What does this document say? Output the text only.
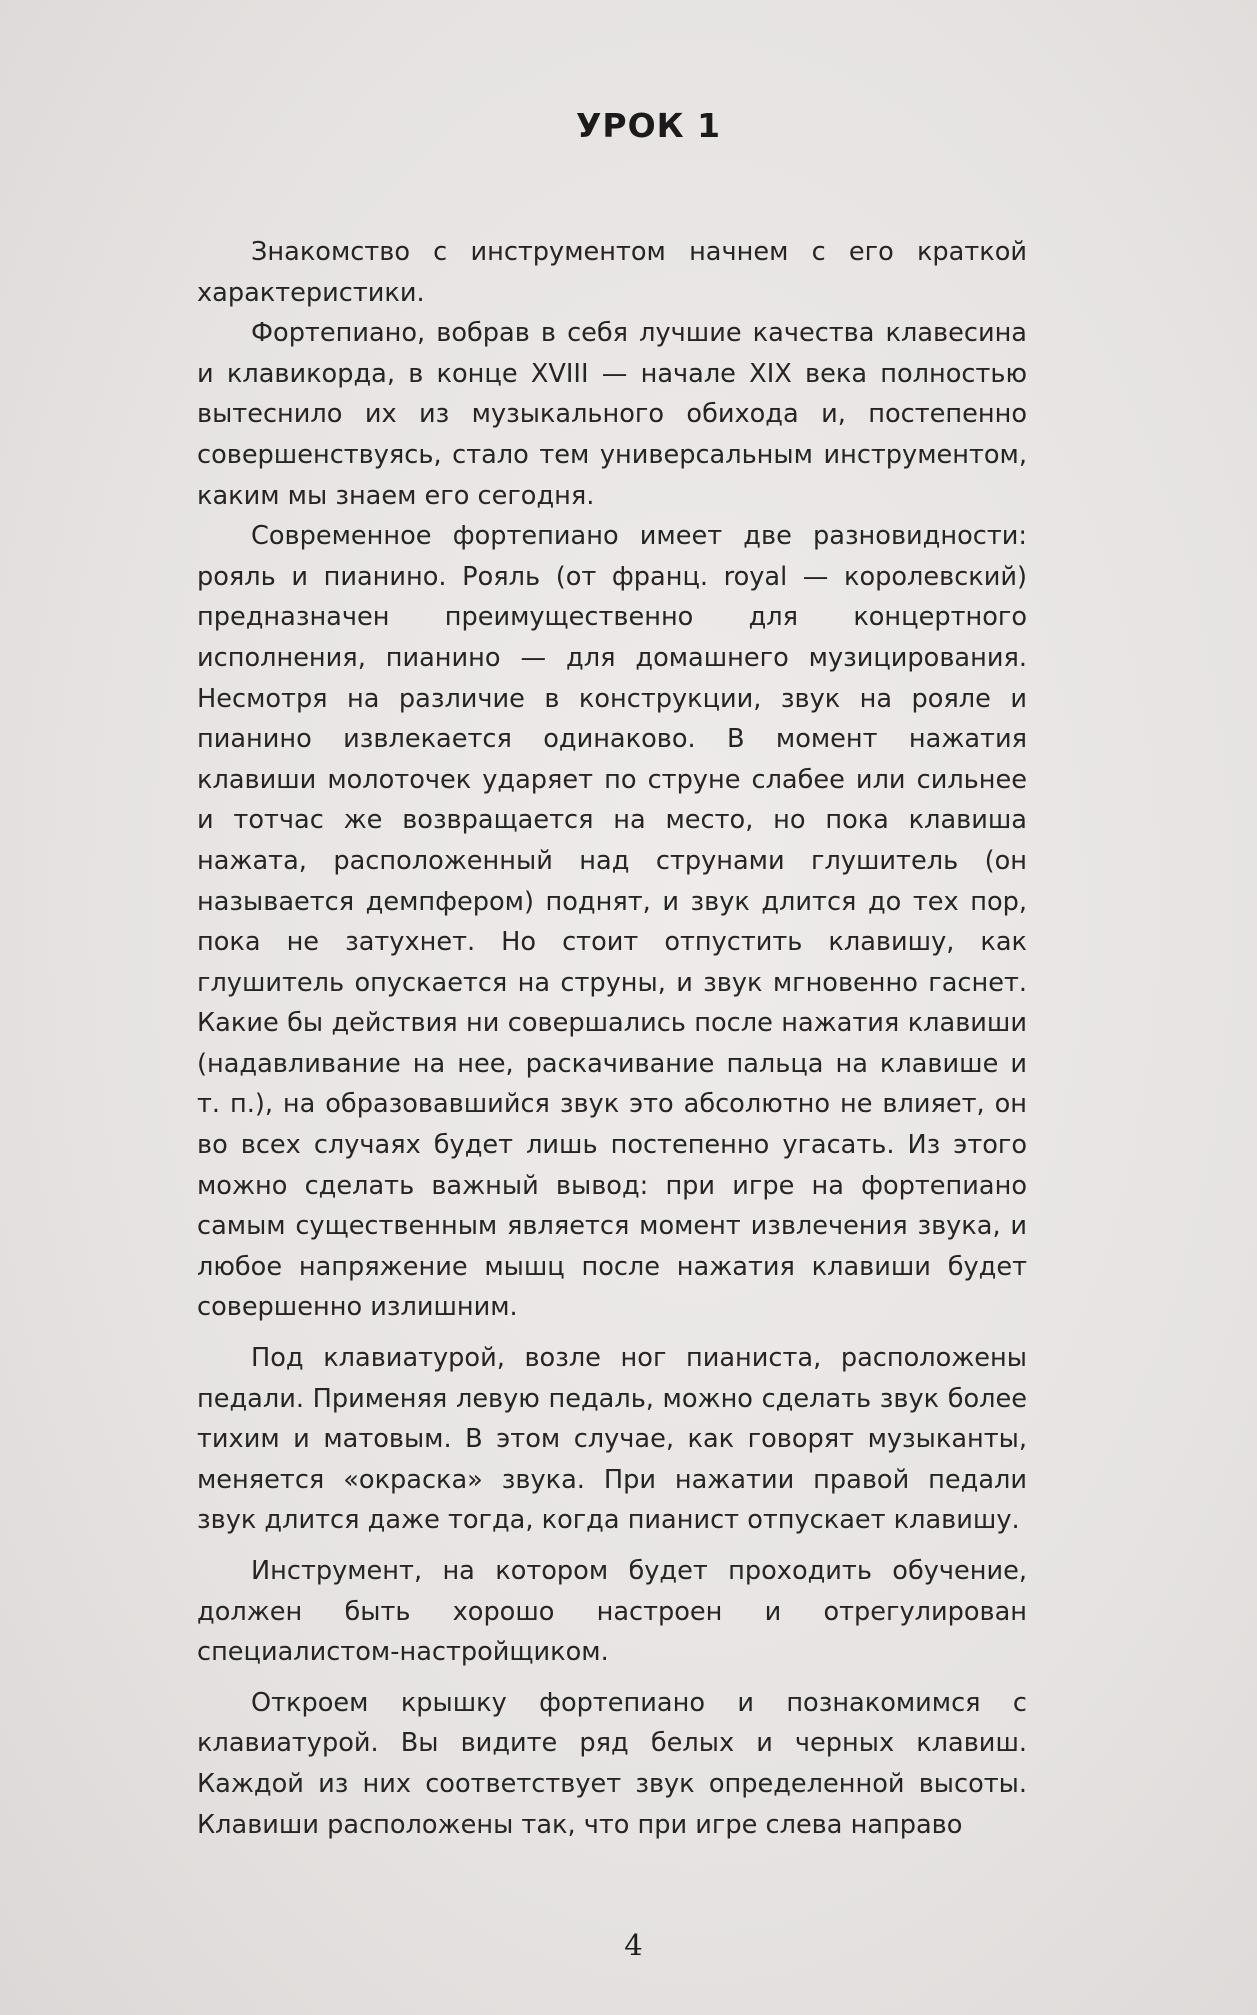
УРОК 1

Знакомство с инструментом начнем с его краткой характеристики.

Фортепиано, вобрав в себя лучшие качества клавесина и клавикорда, в конце XVIII — начале XIX века полностью вытеснило их из музыкального обихода и, постепенно совершенствуясь, стало тем универсальным инструментом, каким мы знаем его сегодня.

Современное фортепиано имеет две разновидности: рояль и пианино. Рояль (от франц. royal — королевский) предназначен преимущественно для концертного исполнения, пианино — для домашнего музицирования. Несмотря на различие в конструкции, звук на рояле и пианино извлекается одинаково. В момент нажатия клавиши молоточек ударяет по струне слабее или сильнее и тотчас же возвращается на место, но пока клавиша нажата, расположенный над струнами глушитель (он называется демпфером) поднят, и звук длится до тех пор, пока не затухнет. Но стоит отпустить клавишу, как глушитель опускается на струны, и звук мгновенно гаснет. Какие бы действия ни совершались после нажатия клавиши (надавливание на нее, раскачивание пальца на клавише и т. п.), на образовавшийся звук это абсолютно не влияет, он во всех случаях будет лишь постепенно угасать. Из этого можно сделать важный вывод: при игре на фортепиано самым существенным является момент извлечения звука, и любое напряжение мышц после нажатия клавиши будет совершенно излишним.

Под клавиатурой, возле ног пианиста, расположены педали. Применяя левую педаль, можно сделать звук более тихим и матовым. В этом случае, как говорят музыканты, меняется «окраска» звука. При нажатии правой педали звук длится даже тогда, когда пианист отпускает клавишу.

Инструмент, на котором будет проходить обучение, должен быть хорошо настроен и отрегулирован специалистом-настройщиком.

Откроем крышку фортепиано и познакомимся с клавиатурой. Вы видите ряд белых и черных клавиш. Каждой из них соответствует звук определенной высоты. Клавиши расположены так, что при игре слева направо

4
